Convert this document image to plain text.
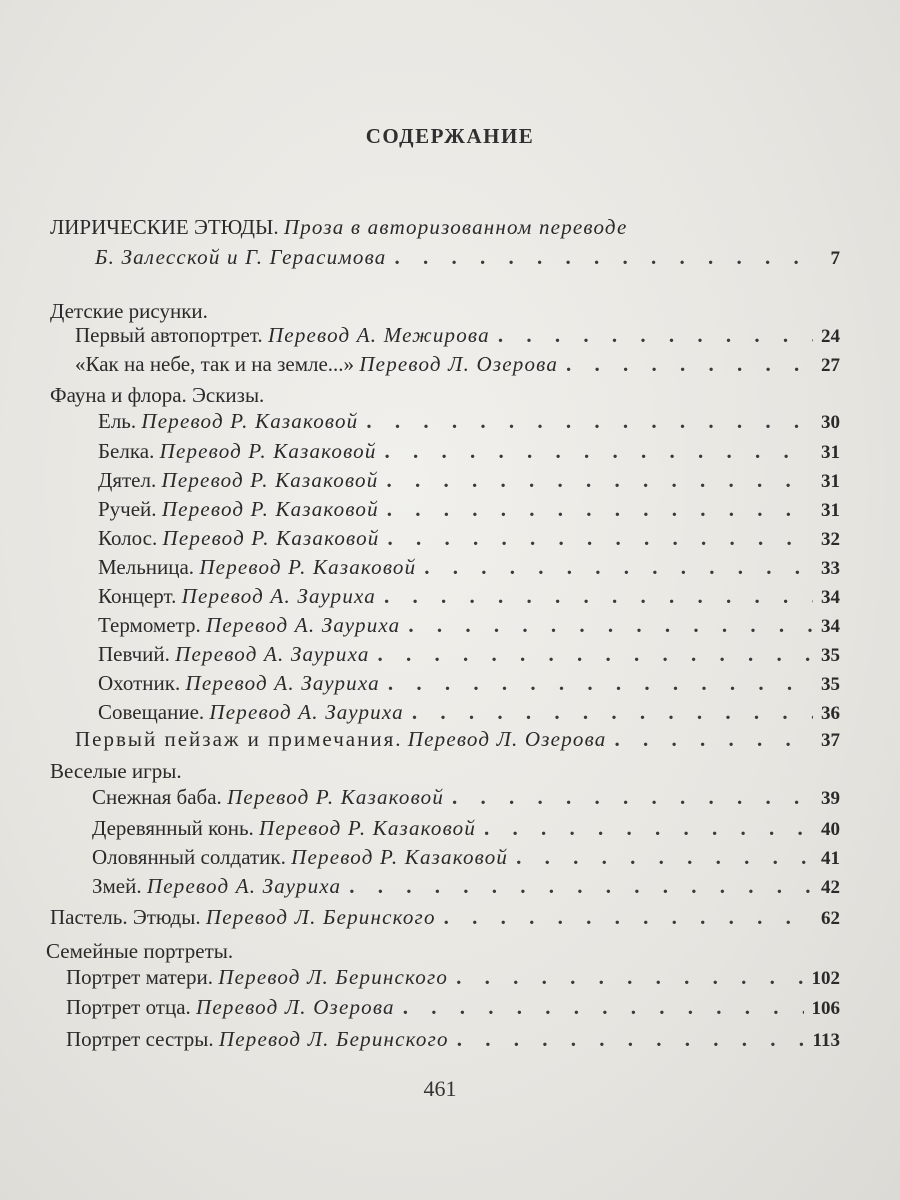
СОДЕРЖАНИЕ
ЛИРИЧЕСКИЕ ЭТЮДЫ. Проза в авторизованном переводе
Б. Залесской и Г. Герасимова . . .	7
Детские рисунки.
Первый автопортрет. Перевод А. Межирова . . .	24
«Как на небе, так и на земле...» Перевод Л. Озерова . . .	27
Фауна и флора. Эскизы.
Ель. Перевод Р. Казаковой . . .	30
Белка. Перевод Р. Казаковой . . .	31
Дятел. Перевод Р. Казаковой . . .	31
Ручей. Перевод Р. Казаковой . . .	31
Колос. Перевод Р. Казаковой . . .	32
Мельница. Перевод Р. Казаковой . . .	33
Концерт. Перевод А. Зауриха . . .	34
Термометр. Перевод А. Зауриха . . .	34
Певчий. Перевод А. Зауриха . . .	35
Охотник. Перевод А. Зауриха . . .	35
Совещание. Перевод А. Зауриха . . .	36
Первый пейзаж и примечания. Перевод Л. Озерова . . .	37
Веселые игры.
Снежная баба. Перевод Р. Казаковой . . .	39
Деревянный конь. Перевод Р. Казаковой . . .	40
Оловянный солдатик. Перевод Р. Казаковой . . .	41
Змей. Перевод А. Зауриха . . .	42
Пастель. Этюды. Перевод Л. Беринского . . .	62
Семейные портреты.
Портрет матери. Перевод Л. Беринского . . .	102
Портрет отца. Перевод Л. Озерова . . .	106
Портрет сестры. Перевод Л. Беринского . . .	113
461
